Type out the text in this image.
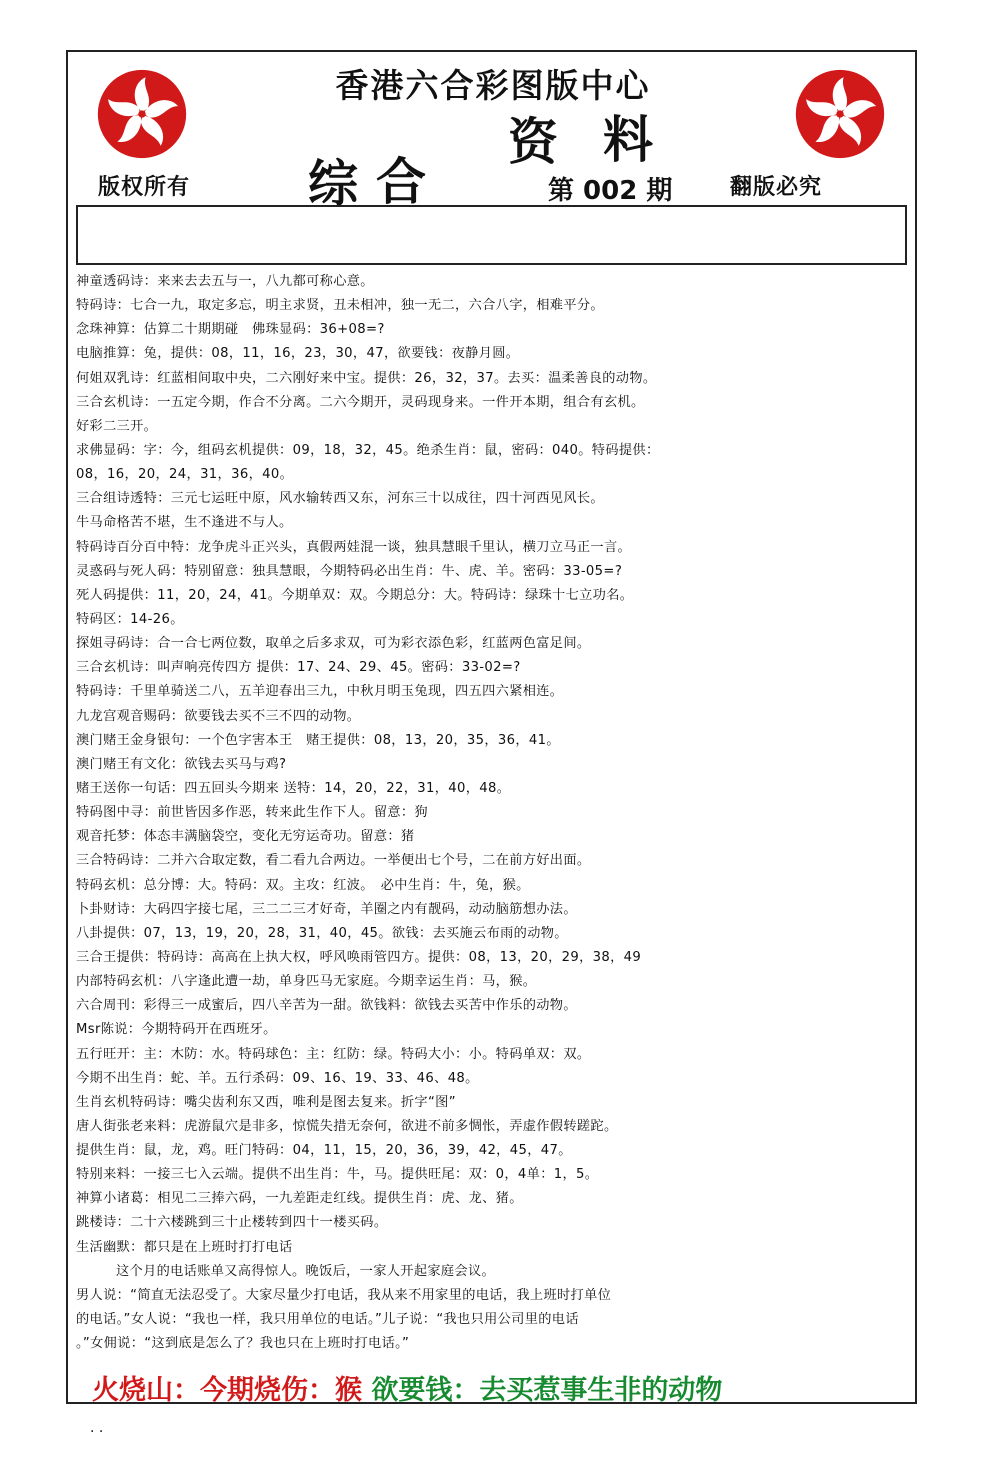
香港六合彩图版中心
综 合
资 料
版权所有	第 002 期	翻版必究
神童透码诗：来来去去五与一，八九都可称心意。
特码诗：七合一九，取定多忘，明主求贤，丑未相冲，独一无二，六合八字，相难平分。
念珠神算：估算二十期期碰　佛珠显码：36+08=?
电脑推算：兔，提供：08，11，16，23，30，47，欲要钱：夜静月圆。
何姐双乳诗：红蓝相间取中央，二六刚好来中宝。提供：26，32，37。去买：温柔善良的动物。
三合玄机诗：一五定今期，作合不分离。二六今期开，灵码现身来。一件开本期，组合有玄机。
好彩二三开。
求佛显码：字：今，组码玄机提供：09，18，32，45。绝杀生肖：鼠，密码：040。特码提供：
08，16，20，24，31，36，40。
三合组诗透特：三元七运旺中原，风水输转西又东，河东三十以成往，四十河西见风长。
牛马命格苦不堪，生不逢进不与人。
特码诗百分百中特：龙争虎斗正兴头，真假两娃混一谈，独具慧眼千里认，横刀立马正一言。
灵惑码与死人码：特别留意：独具慧眼，今期特码必出生肖：牛、虎、羊。密码：33-05=?
死人码提供：11，20，24，41。今期单双：双。今期总分：大。特码诗：绿珠十七立功名。
特码区：14-26。
探姐寻码诗：合一合七两位数，取单之后多求双，可为彩衣添色彩，红蓝两色富足间。
三合玄机诗：叫声响亮传四方 提供：17、24、29、45。密码：33-02=?
特码诗：千里单骑送二八，五羊迎春出三九，中秋月明玉兔现，四五四六紧相连。
九龙宫观音赐码：欲要钱去买不三不四的动物。
澳门赌王金身银句：一个色字害本王　赌王提供：08，13，20，35，36，41。
澳门赌王有文化：欲钱去买马与鸡?
赌王送你一句话：四五回头今期来 送特：14，20，22，31，40，48。
特码图中寻：前世皆因多作恶，转来此生作下人。留意：狗
观音托梦：体态丰满脑袋空，变化无穷运奇功。留意：猪
三合特码诗：二并六合取定数，看二看九合两边。一举便出七个号，二在前方好出面。
特码玄机：总分博：大。特码：双。主攻：红波。　必中生肖：牛，兔，猴。
卜卦财诗：大码四字接七尾，三二二三才好奇，羊圈之内有靓码，动动脑筋想办法。
八卦提供：07，13，19，20，28，31，40，45。欲钱：去买施云布雨的动物。
三合王提供：特码诗：高高在上执大权，呼风唤雨管四方。提供：08，13，20，29，38，49
内部特码玄机：八字逢此遭一劫，单身匹马无家庭。今期幸运生肖：马，猴。
六合周刊：彩得三一成蜜后，四八辛苦为一甜。欲钱料：欲钱去买苦中作乐的动物。
Msr陈说：今期特码开在西班牙。
五行旺开：主：木防：水。特码球色：主：红防：绿。特码大小：小。特码单双：双。
今期不出生肖：蛇、羊。五行杀码：09、16、19、33、46、48。
生肖玄机特码诗：嘴尖齿利东又西，唯利是图去复来。折字“图”
唐人街张老来料：虎游鼠穴是非多，惊慌失措无奈何，欲进不前多惆怅，弄虚作假转蹉跎。
提供生肖：鼠，龙，鸡。旺门特码：04，11，15，20，36，39，42，45，47。
特别来料：一接三七入云端。提供不出生肖：牛，马。提供旺尾：双：0，4单：1，5。
神算小诸葛：相见二三捧六码，一九差距走红线。提供生肖：虎、龙、猪。
跳楼诗：二十六楼跳到三十止楼转到四十一楼买码。
生活幽默：都只是在上班时打打电话
这个月的电话账单又高得惊人。晚饭后，一家人开起家庭会议。
男人说：“简直无法忍受了。大家尽量少打电话，我从来不用家里的电话，我上班时打单位
的电话。”女人说：“我也一样，我只用单位的电话。”儿子说：“我也只用公司里的电话
。”女佣说：“这到底是怎么了？我也只在上班时打电话。”
火烧山：今期烧伤：猴 欲要钱：去买惹事生非的动物
. .
